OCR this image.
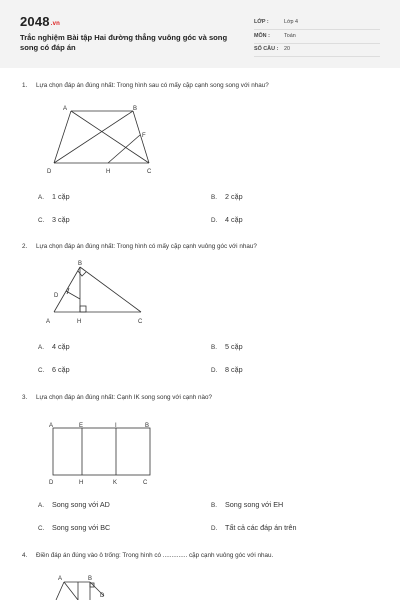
2048.vn
Trắc nghiệm Bài tập Hai đường thẳng vuông góc và song song có đáp án
LỚP :	Lớp 4
MÔN :	Toán
SỐ CÂU : 20
1. Lựa chọn đáp án đúng nhất: Trong hình sau có mấy cặp cạnh song song với nhau?
A	B
F
D	H	C
A. 1 cặp	B. 2 cặp
C. 3 cặp	D. 4 cặp
2. Lựa chọn đáp án đúng nhất: Trong hình có mấy cặp cạnh vuông góc với nhau?
B
D
A	H	C
A. 4 cặp	B. 5 cặp
C. 6 cặp	D. 8 cặp
3. Lựa chọn đáp án đúng nhất: Cạnh IK song song với cạnh nào?
A	E	I	B
D	H	K	C
A. Song song với AD	B. Song song với EH
C. Song song với BC	D. Tất cả các đáp án trên
4. Điền đáp án đúng vào ô trống: Trong hình có .............. cặp cạnh vuông góc với nhau.
A	B
D
